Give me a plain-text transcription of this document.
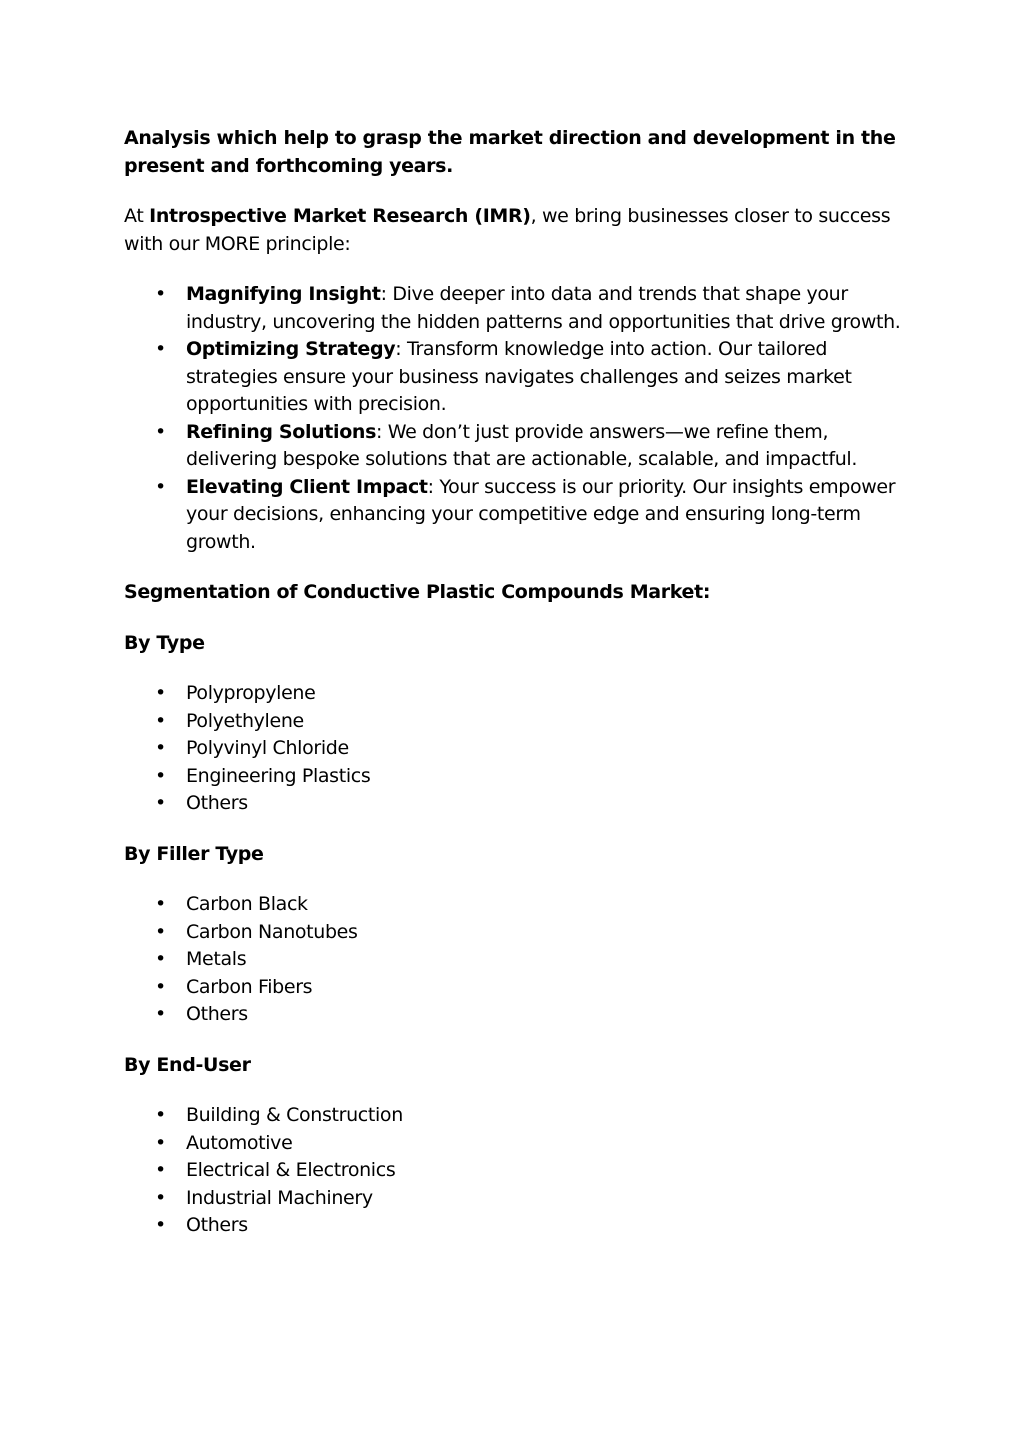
Analysis which help to grasp the market direction and development in the present and forthcoming years.

At Introspective Market Research (IMR), we bring businesses closer to success with our MORE principle:

• Magnifying Insight: Dive deeper into data and trends that shape your industry, uncovering the hidden patterns and opportunities that drive growth.
• Optimizing Strategy: Transform knowledge into action. Our tailored strategies ensure your business navigates challenges and seizes market opportunities with precision.
• Refining Solutions: We don’t just provide answers—we refine them, delivering bespoke solutions that are actionable, scalable, and impactful.
• Elevating Client Impact: Your success is our priority. Our insights empower your decisions, enhancing your competitive edge and ensuring long-term growth.

Segmentation of Conductive Plastic Compounds Market:

By Type

• Polypropylene
• Polyethylene
• Polyvinyl Chloride
• Engineering Plastics
• Others

By Filler Type

• Carbon Black
• Carbon Nanotubes
• Metals
• Carbon Fibers
• Others

By End-User

• Building & Construction
• Automotive
• Electrical & Electronics
• Industrial Machinery
• Others
